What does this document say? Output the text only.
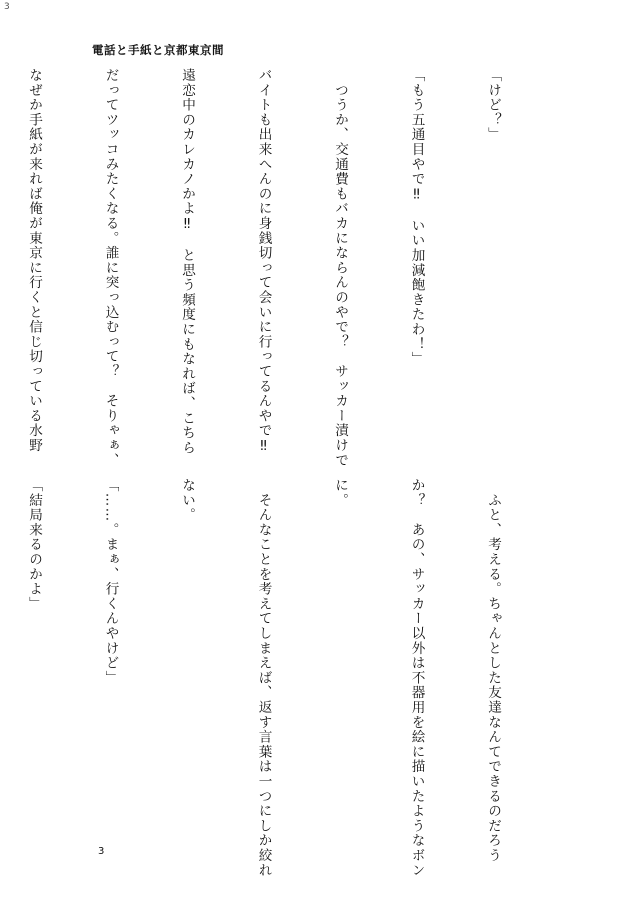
3
電話と手紙と京都東京間

「けど？」

「もう五通目やで‼　いい加減飽きたわ！」

　つうか、交通費もバカにならんのやで？　サッカー漬けで

バイトも出来へんのに身銭切って会いに行ってるんやで‼

遠恋中のカレカノかよ‼　と思う頻度にもなれば、こちら

だってツッコみたくなる。誰に突っ込むって？　そりゃぁ、

なぜか手紙が来れば俺が東京に行くと信じ切っている水野

　ふと、考える。ちゃんとした友達なんてできるのだろう

か？　あの、サッカー以外は不器用を絵に描いたようなボン

に。

　そんなことを考えてしまえば、返す言葉は一つにしか絞れ

ない。

「……。まぁ、行くんやけど」

「結局来るのかよ」

3
